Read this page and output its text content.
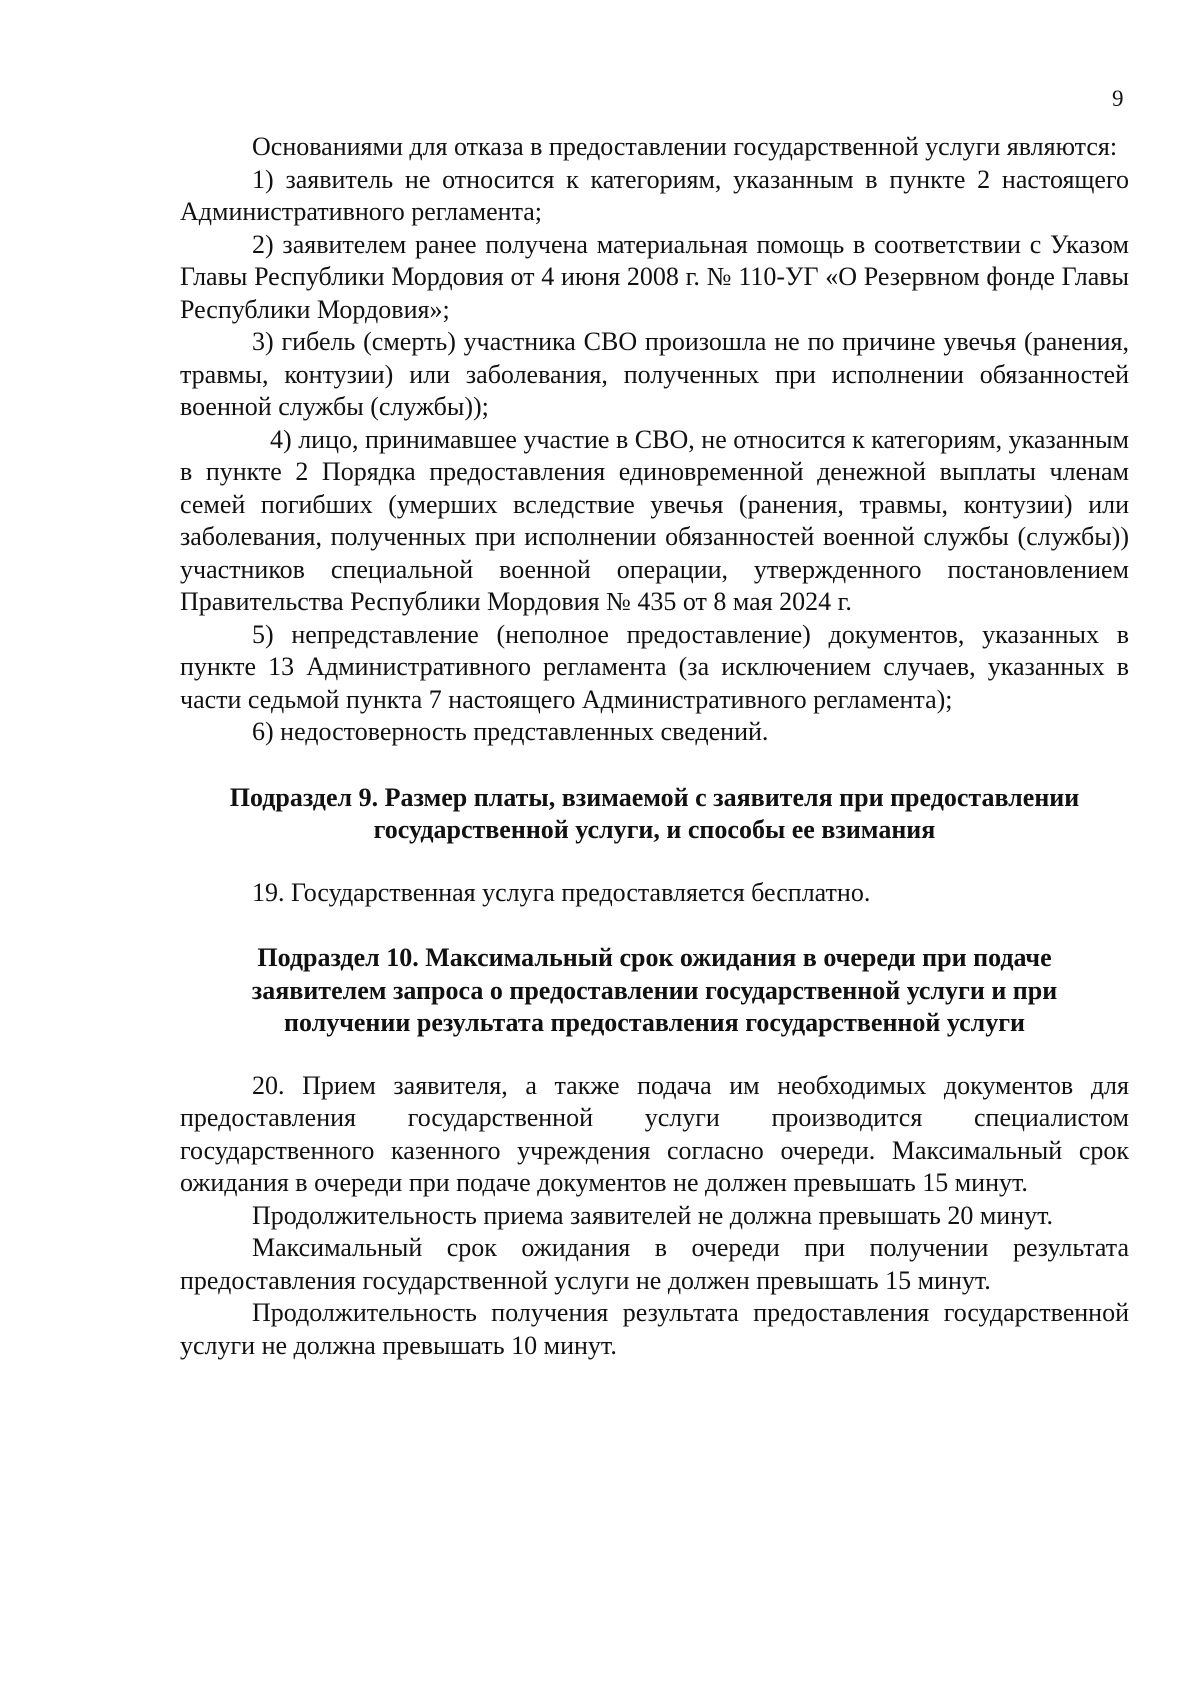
9

Основаниями для отказа в предоставлении государственной услуги являются:

1) заявитель не относится к категориям, указанным в пункте 2 настоящего Административного регламента;

2) заявителем ранее получена материальная помощь в соответствии с Указом Главы Республики Мордовия от 4 июня 2008 г. № 110-УГ «О Резервном фонде Главы Республики Мордовия»;

3) гибель (смерть) участника СВО произошла не по причине увечья (ранения, травмы, контузии) или заболевания, полученных при исполнении обязанностей военной службы (службы));

4) лицо, принимавшее участие в СВО, не относится к категориям, указанным в пункте 2 Порядка предоставления единовременной денежной выплаты членам семей погибших (умерших вследствие увечья (ранения, травмы, контузии) или заболевания, полученных при исполнении обязанностей военной службы (службы)) участников специальной военной операции, утвержденного постановлением Правительства Республики Мордовия № 435 от 8 мая 2024 г.

5) непредставление (неполное предоставление) документов, указанных в пункте 13 Административного регламента (за исключением случаев, указанных в части седьмой пункта 7 настоящего Административного регламента);

6) недостоверность представленных сведений.

Подраздел 9. Размер платы, взимаемой с заявителя при предоставлении

государственной услуги, и способы ее взимания

19. Государственная услуга предоставляется бесплатно.

Подраздел 10. Максимальный срок ожидания в очереди при подаче

заявителем запроса о предоставлении государственной услуги и при

получении результата предоставления государственной услуги

20. Прием заявителя, а также подача им необходимых документов для предоставления государственной услуги производится специалистом государственного казенного учреждения согласно очереди. Максимальный срок ожидания в очереди при подаче документов не должен превышать 15 минут.

Продолжительность приема заявителей не должна превышать 20 минут.

Максимальный срок ожидания в очереди при получении результата предоставления государственной услуги не должен превышать 15 минут.

Продолжительность получения результата предоставления государственной услуги не должна превышать 10 минут.
